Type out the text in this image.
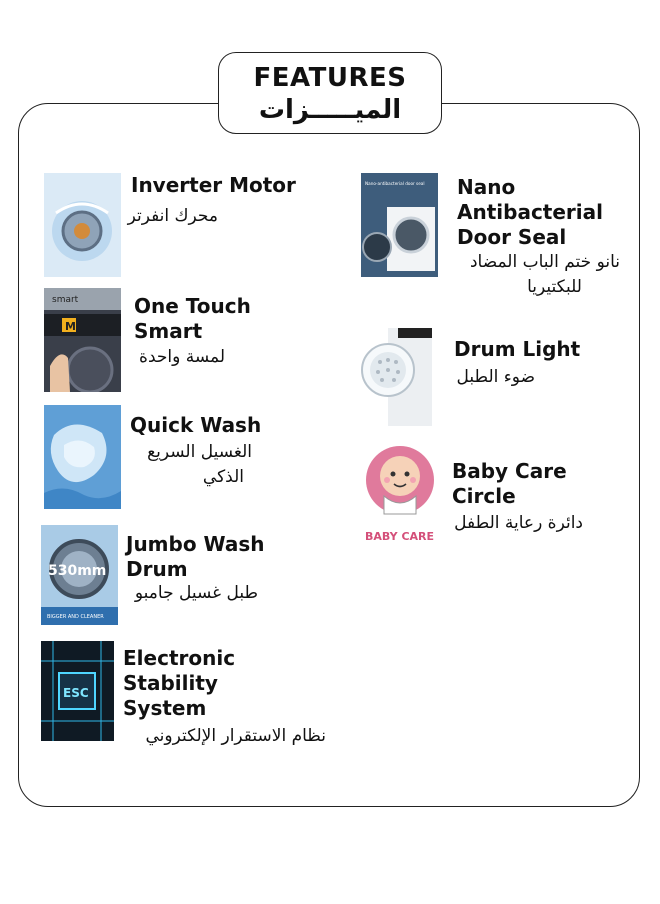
FEATURES
الميـــــزات
Inverter Motor
محرك انفرتر
smart
M
One Touch
Smart
لمسة واحدة
Quick Wash
الغسيل السريع
الذكي
530mm
BIGGER AND CLEANER
Jumbo Wash
Drum
طبل غسيل جامبو
ESC
Electronic
Stability
System
نظام الاستقرار الإلكتروني
Nano-antibacterial door seal Nano
Antibacterial
Door Seal
نانو ختم الباب المضاد
للبكتيريا
Drum Light
ضوء الطبل
BABY CARE
Baby Care
Circle
دائرة رعاية الطفل
